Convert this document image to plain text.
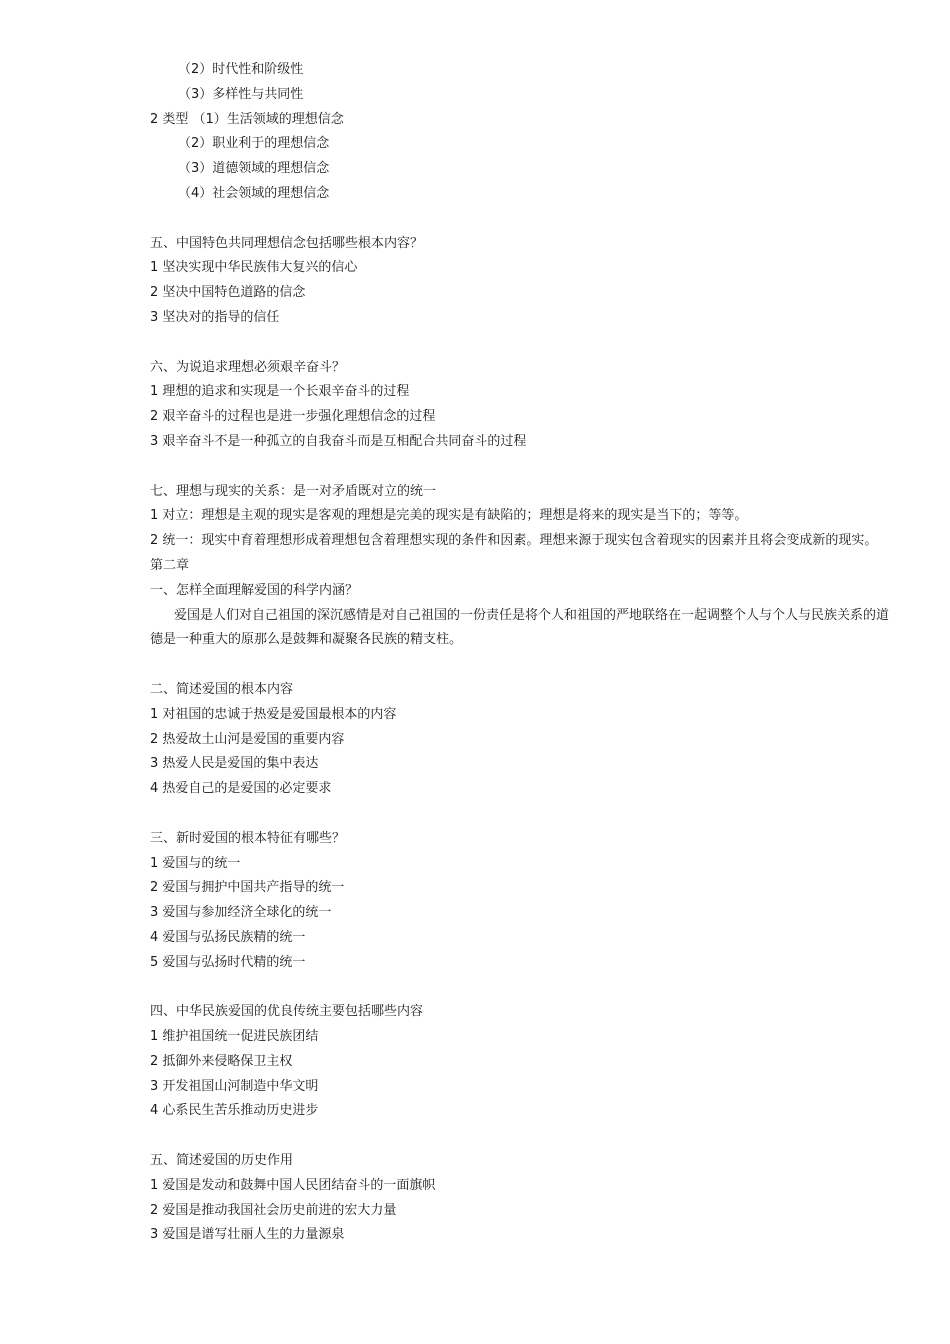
（2）时代性和阶级性
（3）多样性与共同性
2 类型 （1）生活领域的理想信念
（2）职业利于的理想信念
（3）道德领域的理想信念
（4）社会领域的理想信念
五、中国特色共同理想信念包括哪些根本内容？
1 坚决实现中华民族伟大复兴的信心
2 坚决中国特色道路的信念
3 坚决对的指导的信任
六、为说追求理想必须艰辛奋斗？
1 理想的追求和实现是一个长艰辛奋斗的过程
2 艰辛奋斗的过程也是进一步强化理想信念的过程
3 艰辛奋斗不是一种孤立的自我奋斗而是互相配合共同奋斗的过程
七、理想与现实的关系：是一对矛盾既对立的统一
1 对立：理想是主观的现实是客观的理想是完美的现实是有缺陷的；理想是将来的现实是当下的；等等。
2 统一：现实中育着理想形成着理想包含着理想实现的条件和因素。理想来源于现实包含着现实的因素并且将会变成新的现实。
第二章
一、怎样全面理解爱国的科学内涵？
爱国是人们对自己祖国的深沉感情是对自己祖国的一份责任是将个人和祖国的严地联络在一起调整个人与个人与民族关系的道德是一种重大的原那么是鼓舞和凝聚各民族的精支柱。
二、简述爱国的根本内容
1 对祖国的忠诚于热爱是爱国最根本的内容
2 热爱故土山河是爱国的重要内容
3 热爱人民是爱国的集中表达
4 热爱自己的是爱国的必定要求
三、新时爱国的根本特征有哪些？
1 爱国与的统一
2 爱国与拥护中国共产指导的统一
3 爱国与参加经济全球化的统一
4 爱国与弘扬民族精的统一
5 爱国与弘扬时代精的统一
四、中华民族爱国的优良传统主要包括哪些内容
1 维护祖国统一促进民族团结
2 抵御外来侵略保卫主权
3 开发祖国山河制造中华文明
4 心系民生苦乐推动历史进步
五、简述爱国的历史作用
1 爱国是发动和鼓舞中国人民团结奋斗的一面旗帜
2 爱国是推动我国社会历史前进的宏大力量
3 爱国是谱写壮丽人生的力量源泉
